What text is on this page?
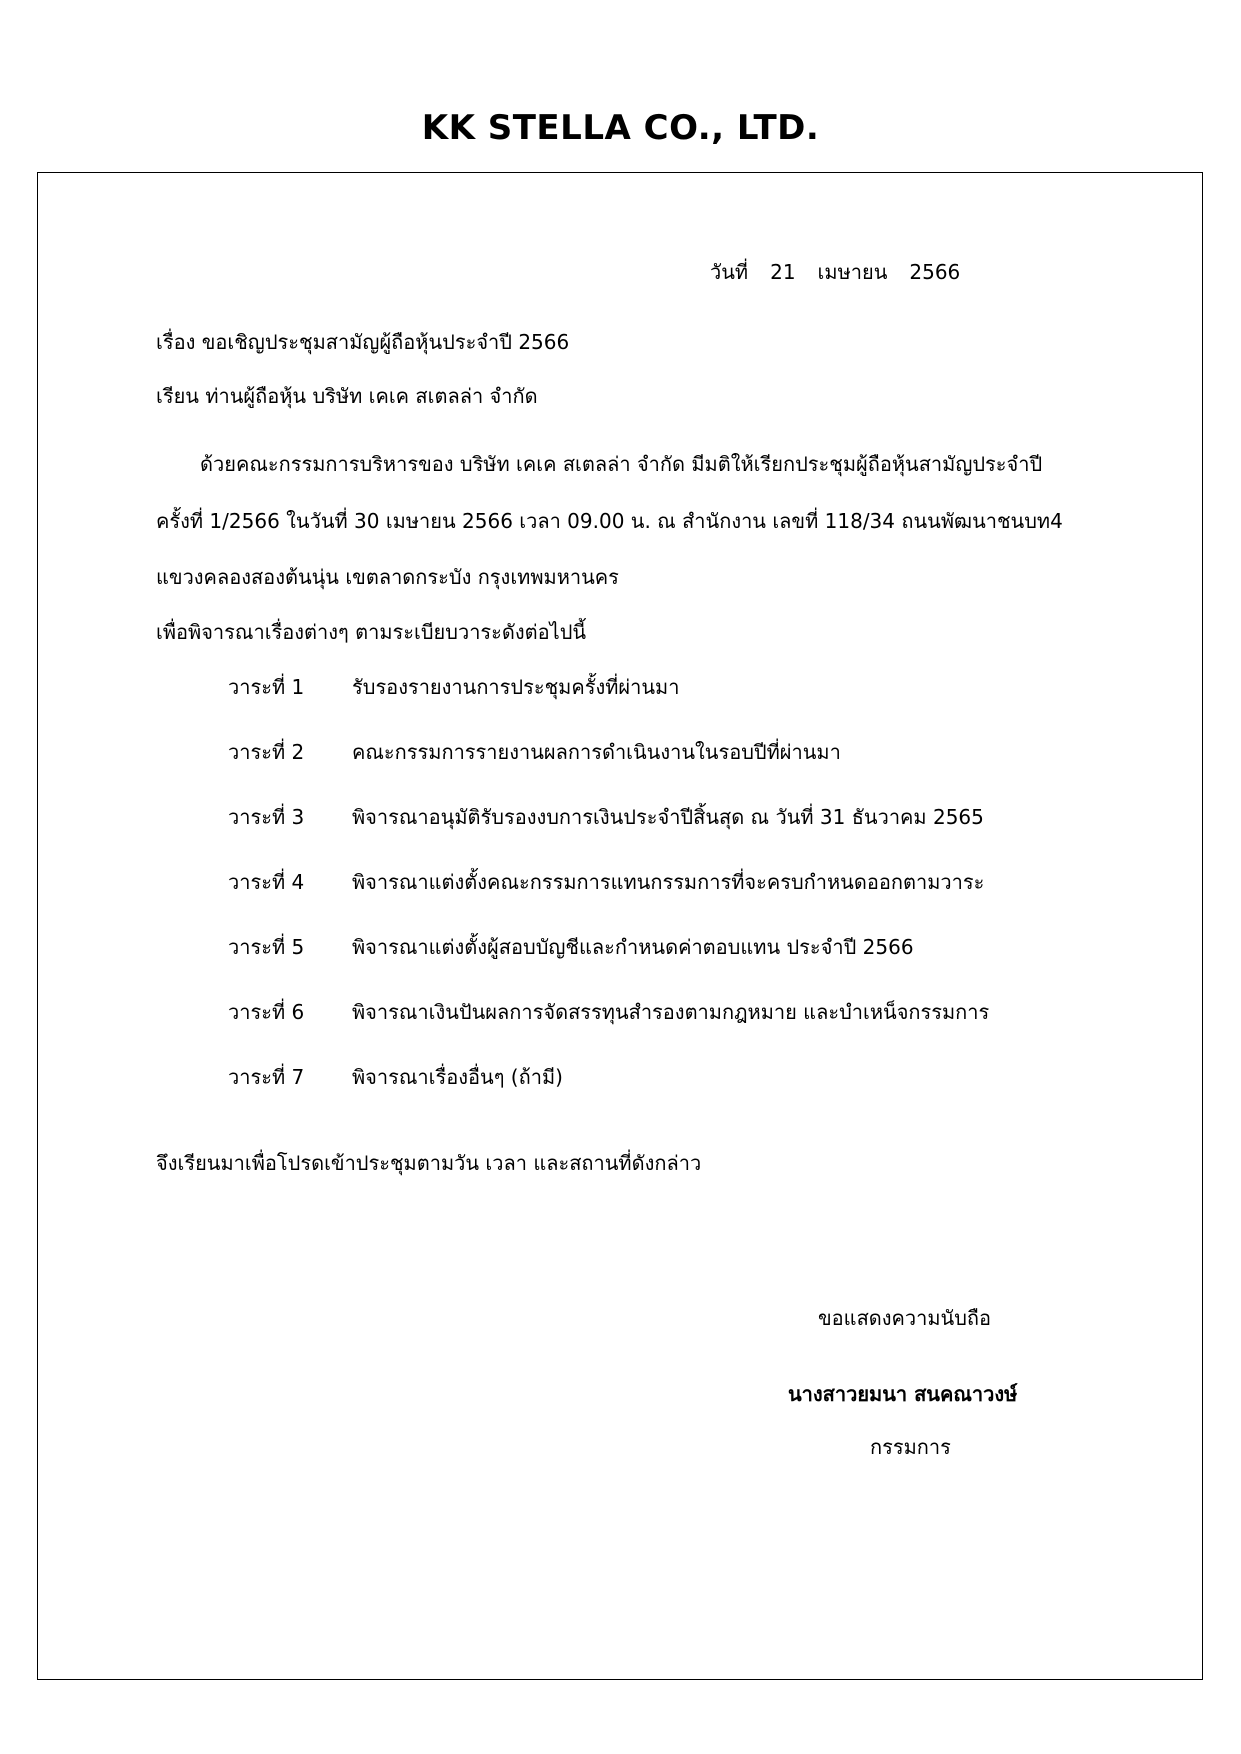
KK STELLA CO., LTD.
วันที่ 21 เมษายน 2566
เรื่อง ขอเชิญประชุมสามัญผู้ถือหุ้นประจำปี 2566
เรียน ท่านผู้ถือหุ้น บริษัท เคเค สเตลล่า จำกัด
ด้วยคณะกรรมการบริหารของ บริษัท เคเค สเตลล่า จำกัด มีมติให้เรียกประชุมผู้ถือหุ้นสามัญประจำปี
ครั้งที่ 1/2566 ในวันที่ 30 เมษายน 2566 เวลา 09.00 น. ณ สำนักงาน เลขที่ 118/34 ถนนพัฒนาชนบท4
แขวงคลองสองต้นนุ่น เขตลาดกระบัง กรุงเทพมหานคร
เพื่อพิจารณาเรื่องต่างๆ ตามระเบียบวาระดังต่อไปนี้
วาระที่ 1 รับรองรายงานการประชุมครั้งที่ผ่านมา
วาระที่ 2 คณะกรรมการรายงานผลการดำเนินงานในรอบปีที่ผ่านมา
วาระที่ 3 พิจารณาอนุมัติรับรองงบการเงินประจำปีสิ้นสุด ณ วันที่ 31 ธันวาคม 2565
วาระที่ 4 พิจารณาแต่งตั้งคณะกรรมการแทนกรรมการที่จะครบกำหนดออกตามวาระ
วาระที่ 5 พิจารณาแต่งตั้งผู้สอบบัญชีและกำหนดค่าตอบแทน ประจำปี 2566
วาระที่ 6 พิจารณาเงินปันผลการจัดสรรทุนสำรองตามกฎหมาย และบำเหน็จกรรมการ
วาระที่ 7 พิจารณาเรื่องอื่นๆ (ถ้ามี)
จึงเรียนมาเพื่อโปรดเข้าประชุมตามวัน เวลา และสถานที่ดังกล่าว
ขอแสดงความนับถือ
นางสาวยมนา สนคณาวงษ์
กรรมการ
